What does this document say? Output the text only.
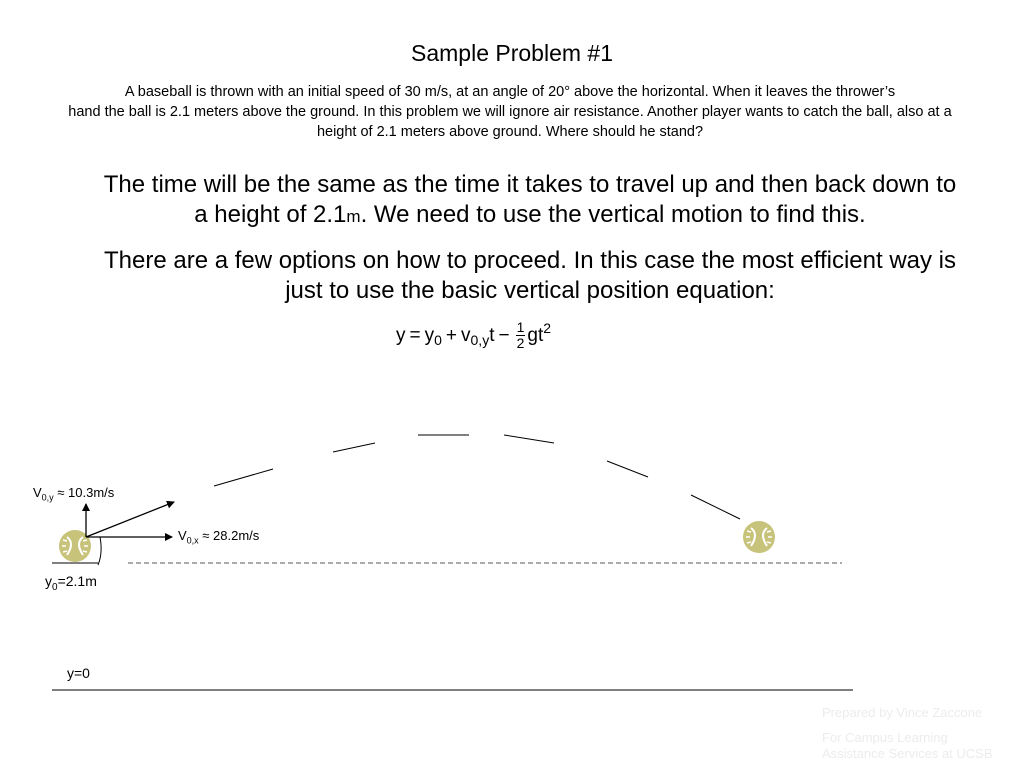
Sample Problem #1
A baseball is thrown with an initial speed of 30 m/s, at an angle of 20° above the horizontal. When it leaves the thrower’s
hand the ball is 2.1 meters above the ground. In this problem we will ignore air resistance. Another player wants to catch the ball, also at a height of 2.1 meters above ground. Where should he stand?
The time will be the same as the time it takes to travel up and then back down to a height of 2.1m. We need to use the vertical motion to find this.
There are a few options on how to proceed. In this case the most efficient way is just to use the basic vertical position equation:
$y = y_0 + v_{0,y}t - \frac{1}{2} gt^2$
$V_{0,y} \approx 10.3m/s$
$V_{0,x} \approx 28.2m/s$
$y_0=2.1m$
y=0
Prepared by Vince Zaccone
For Campus Learning Assistance Services at UCSB
